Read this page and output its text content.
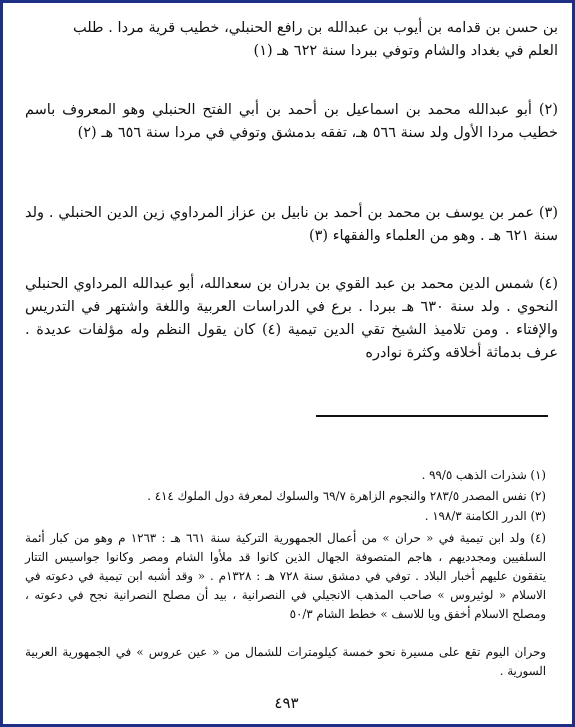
بن حسن بن قدامه بن أيوب بن عبدالله بن رافع الحنبلي، خطيب قرية مردا . طلب العلم في بغداد والشام وتوفي ببردا سنة ٦٢٢ هـ (١)

(٢) أبو عبدالله محمد بن اسماعيل بن أحمد بن أبي الفتح الحنبلي وهو المعروف باسم خطيب مردا الأول ولد سنة ٥٦٦ هـ، تفقه بدمشق وتوفي في مردا سنة ٦٥٦ هـ (٢)

(٣) عمر بن يوسف بن محمد بن أحمد بن نابيل بن عزاز المرداوي زين الدين الحنبلي . ولد سنة ٦٢١ هـ . وهو من العلماء والفقهاء (٣)

(٤) شمس الدين محمد بن عبد القوي بن بدران بن سعدالله، أبو عبدالله المرداوي الحنبلي النحوي . ولد سنة ٦٣٠ هـ ببردا . برع في الدراسات العربية واللغة واشتهر في التدريس والإفتاء . ومن تلاميذ الشيخ تقي الدين تيمية (٤) كان يقول النظم وله مؤلفات عديدة . عرف بدماثة أخلاقه وكثرة نوادره

(١) شذرات الذهب ٩٩/٥ .

(٢) نفس المصدر ٢٨٣/٥ والنجوم الزاهرة ٦٩/٧ والسلوك لمعرفة دول الملوك ٤١٤ .

(٣) الدرر الكامنة ١٩٨/٣ .

(٤) ولد ابن تيمية في « حران » من أعمال الجمهورية التركية سنة ٦٦١ هـ : ١٢٦٣ م وهو من كبار أئمة السلفيين ومجدديهم ، هاجم المتصوفة الجهال الذين كانوا قد ملأوا الشام ومصر وكانوا جواسيس التتار يتفقون عليهم أخبار البلاد . توفي في دمشق سنة ٧٢٨ هـ : ١٣٢٨م . « وقد أشبه ابن تيمية في دعوته في الاسلام « لوثيروس » صاحب المذهب الانجيلي في النصرانية ، بيد أن مصلح النصرانية نجح في دعوته ، ومصلح الاسلام أخفق ويا للاسف » خطط الشام ٥٠/٣

وحران اليوم تقع على مسيرة نحو خمسة كيلومترات للشمال من « عين عروس » في الجمهورية العربية السورية .

٤٩٣
